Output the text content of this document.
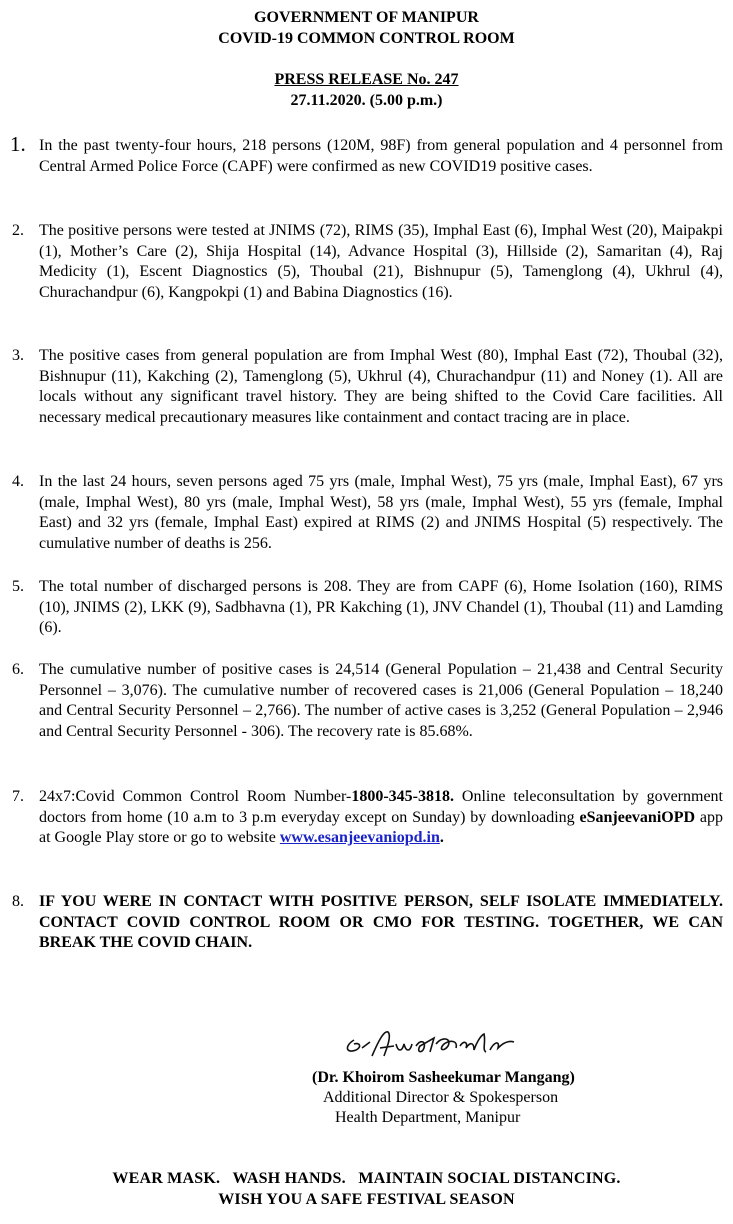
GOVERNMENT OF MANIPUR
COVID-19 COMMON CONTROL ROOM
PRESS RELEASE No. 247
27.11.2020. (5.00 p.m.)
1. In the past twenty-four hours, 218 persons (120M, 98F) from general population and 4 personnel from Central Armed Police Force (CAPF) were confirmed as new COVID19 positive cases.
2. The positive persons were tested at JNIMS (72), RIMS (35), Imphal East (6), Imphal West (20), Maipakpi (1), Mother’s Care (2), Shija Hospital (14), Advance Hospital (3), Hillside (2), Samaritan (4), Raj Medicity (1), Escent Diagnostics (5), Thoubal (21), Bishnupur (5), Tamenglong (4), Ukhrul (4), Churachandpur (6), Kangpokpi (1) and Babina Diagnostics (16).
3. The positive cases from general population are from Imphal West (80), Imphal East (72), Thoubal (32), Bishnupur (11), Kakching (2), Tamenglong (5), Ukhrul (4), Churachandpur (11) and Noney (1). All are locals without any significant travel history. They are being shifted to the Covid Care facilities. All necessary medical precautionary measures like containment and contact tracing are in place.
4. In the last 24 hours, seven persons aged 75 yrs (male, Imphal West), 75 yrs (male, Imphal East), 67 yrs (male, Imphal West), 80 yrs (male, Imphal West), 58 yrs (male, Imphal West), 55 yrs (female, Imphal East) and 32 yrs (female, Imphal East) expired at RIMS (2) and JNIMS Hospital (5) respectively. The cumulative number of deaths is 256.
5. The total number of discharged persons is 208. They are from CAPF (6), Home Isolation (160), RIMS (10), JNIMS (2), LKK (9), Sadbhavna (1), PR Kakching (1), JNV Chandel (1), Thoubal (11) and Lamding (6).
6. The cumulative number of positive cases is 24,514 (General Population – 21,438 and Central Security Personnel – 3,076). The cumulative number of recovered cases is 21,006 (General Population – 18,240 and Central Security Personnel – 2,766). The number of active cases is 3,252 (General Population – 2,946 and Central Security Personnel - 306). The recovery rate is 85.68%.
7. 24x7:Covid Common Control Room Number-1800-345-3818. Online teleconsultation by government doctors from home (10 a.m to 3 p.m everyday except on Sunday) by downloading eSanjeevaniOPD app at Google Play store or go to website www.esanjeevaniopd.in.
8. IF YOU WERE IN CONTACT WITH POSITIVE PERSON, SELF ISOLATE IMMEDIATELY. CONTACT COVID CONTROL ROOM OR CMO FOR TESTING. TOGETHER, WE CAN BREAK THE COVID CHAIN.
(Dr. Khoirom Sasheekumar Mangang)
Additional Director & Spokesperson
Health Department, Manipur
WEAR MASK.   WASH HANDS.   MAINTAIN SOCIAL DISTANCING.
WISH YOU A SAFE FESTIVAL SEASON
